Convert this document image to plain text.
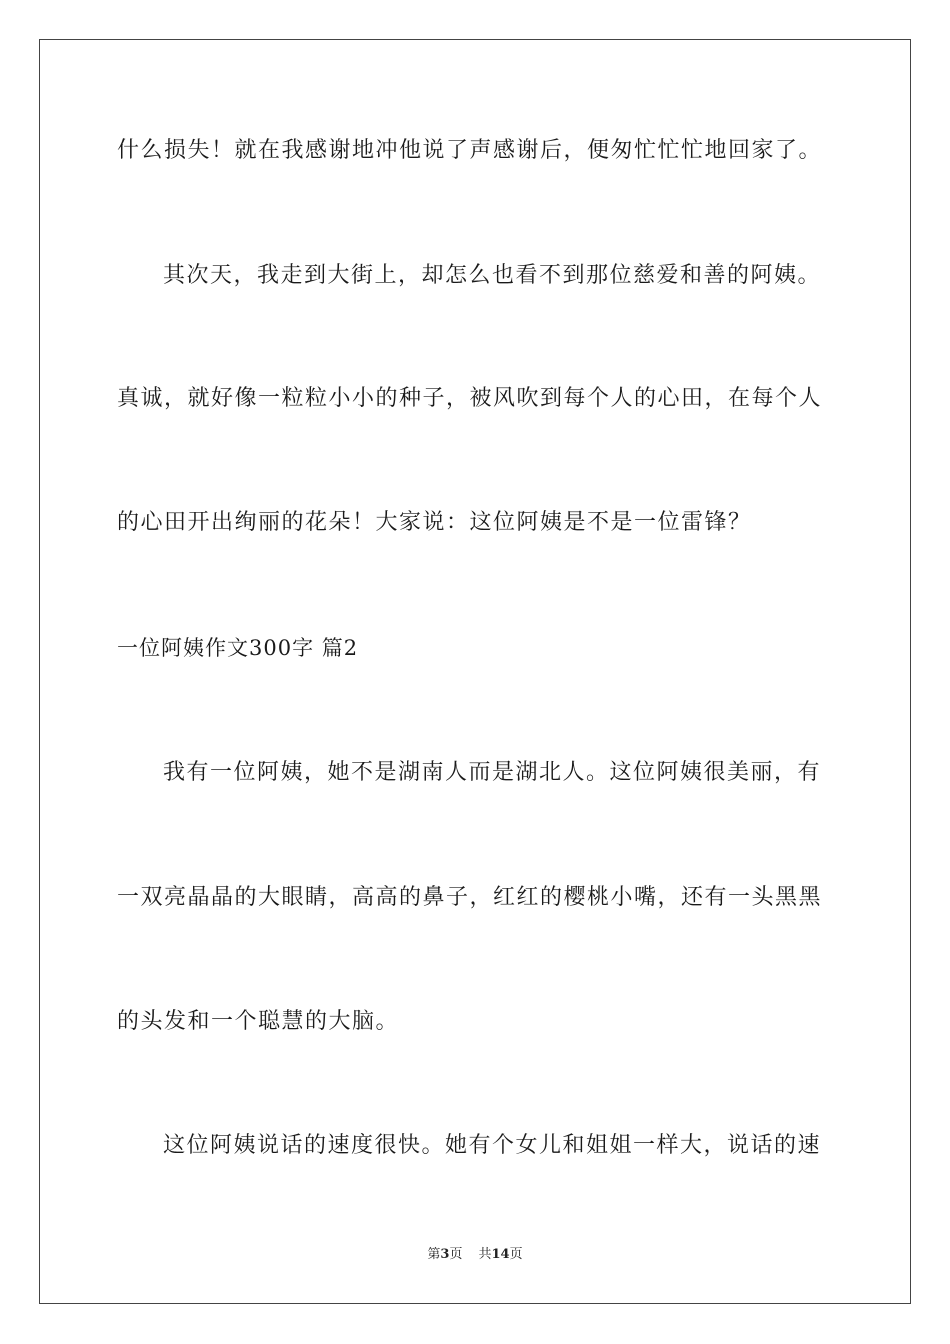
什么损失！就在我感谢地冲他说了声感谢后，便匆忙忙忙地回家了。
其次天，我走到大街上，却怎么也看不到那位慈爱和善的阿姨。
真诚，就好像一粒粒小小的种子，被风吹到每个人的心田，在每个人
的心田开出绚丽的花朵！大家说：这位阿姨是不是一位雷锋？
一位阿姨作文300字 篇2
我有一位阿姨，她不是湖南人而是湖北人。这位阿姨很美丽，有
一双亮晶晶的大眼睛，高高的鼻子，红红的樱桃小嘴，还有一头黑黑
的头发和一个聪慧的大脑。
这位阿姨说话的速度很快。她有个女儿和姐姐一样大，说话的速
第3页 共14页
